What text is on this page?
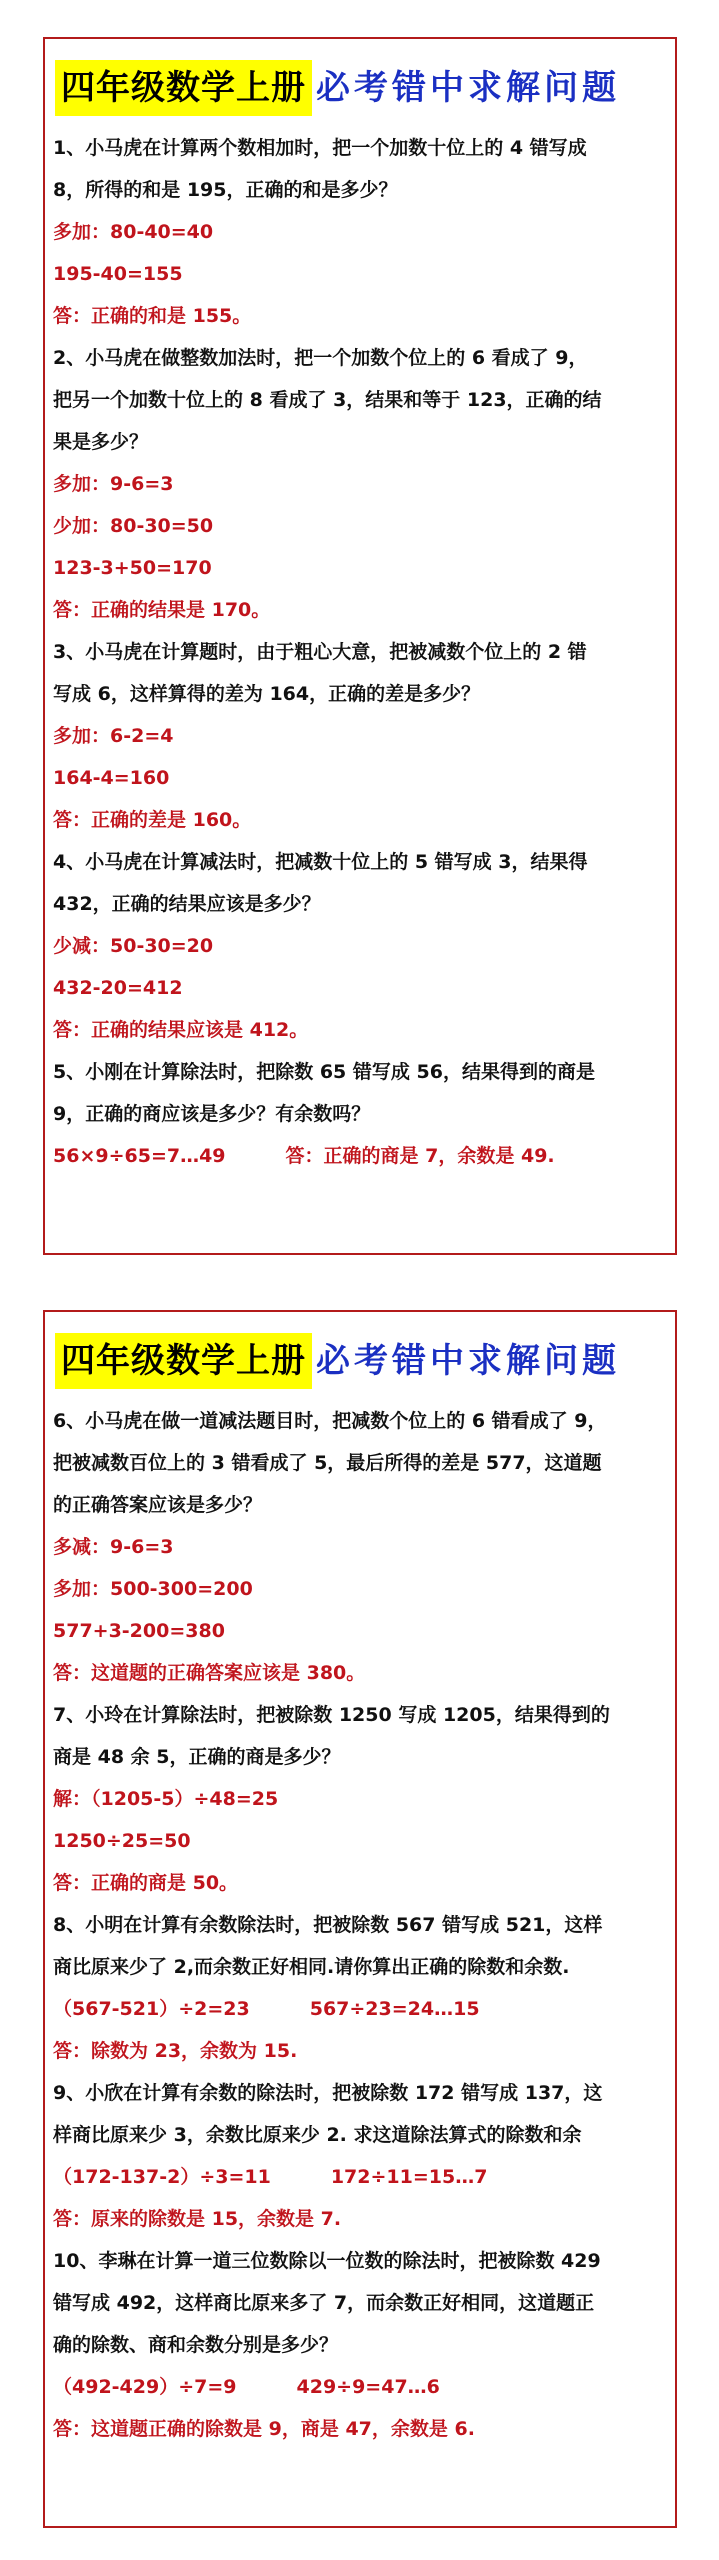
四年级数学上册 必考错中求解问题
1、小马虎在计算两个数相加时，把一个加数十位上的 4 错写成
8，所得的和是 195，正确的和是多少？
多加：80-40=40
195-40=155
答：正确的和是 155。
2、小马虎在做整数加法时，把一个加数个位上的 6 看成了 9，
把另一个加数十位上的 8 看成了 3，结果和等于 123，正确的结
果是多少？
多加：9-6=3
少加：80-30=50
123-3+50=170
答：正确的结果是 170。
3、小马虎在计算题时，由于粗心大意，把被减数个位上的 2 错
写成 6，这样算得的差为 164，正确的差是多少？
多加：6-2=4
164-4=160
答：正确的差是 160。
4、小马虎在计算减法时，把减数十位上的 5 错写成 3，结果得
432，正确的结果应该是多少？
少减：50-30=20
432-20=412
答：正确的结果应该是 412。
5、小刚在计算除法时，把除数 65 错写成 56，结果得到的商是
9，正确的商应该是多少？有余数吗？
56×9÷65=7…49	答：正确的商是 7，余数是 49.
四年级数学上册 必考错中求解问题
6、小马虎在做一道减法题目时，把减数个位上的 6 错看成了 9，
把被减数百位上的 3 错看成了 5，最后所得的差是 577，这道题
的正确答案应该是多少？
多减：9-6=3
多加：500-300=200
577+3-200=380
答：这道题的正确答案应该是 380。
7、小玲在计算除法时，把被除数 1250 写成 1205，结果得到的
商是 48 余 5，正确的商是多少？
解：（1205-5）÷48=25
1250÷25=50
答：正确的商是 50。
8、小明在计算有余数除法时，把被除数 567 错写成 521，这样
商比原来少了 2,而余数正好相同.请你算出正确的除数和余数.
（567-521）÷2=23	567÷23=24…15
答：除数为 23，余数为 15.
9、小欣在计算有余数的除法时，把被除数 172 错写成 137，这
样商比原来少 3，余数比原来少 2. 求这道除法算式的除数和余
（172-137-2）÷3=11	172÷11=15…7
答：原来的除数是 15，余数是 7.
10、李琳在计算一道三位数除以一位数的除法时，把被除数 429
错写成 492，这样商比原来多了 7，而余数正好相同，这道题正
确的除数、商和余数分别是多少？
（492-429）÷7=9	429÷9=47…6
答：这道题正确的除数是 9，商是 47，余数是 6.
